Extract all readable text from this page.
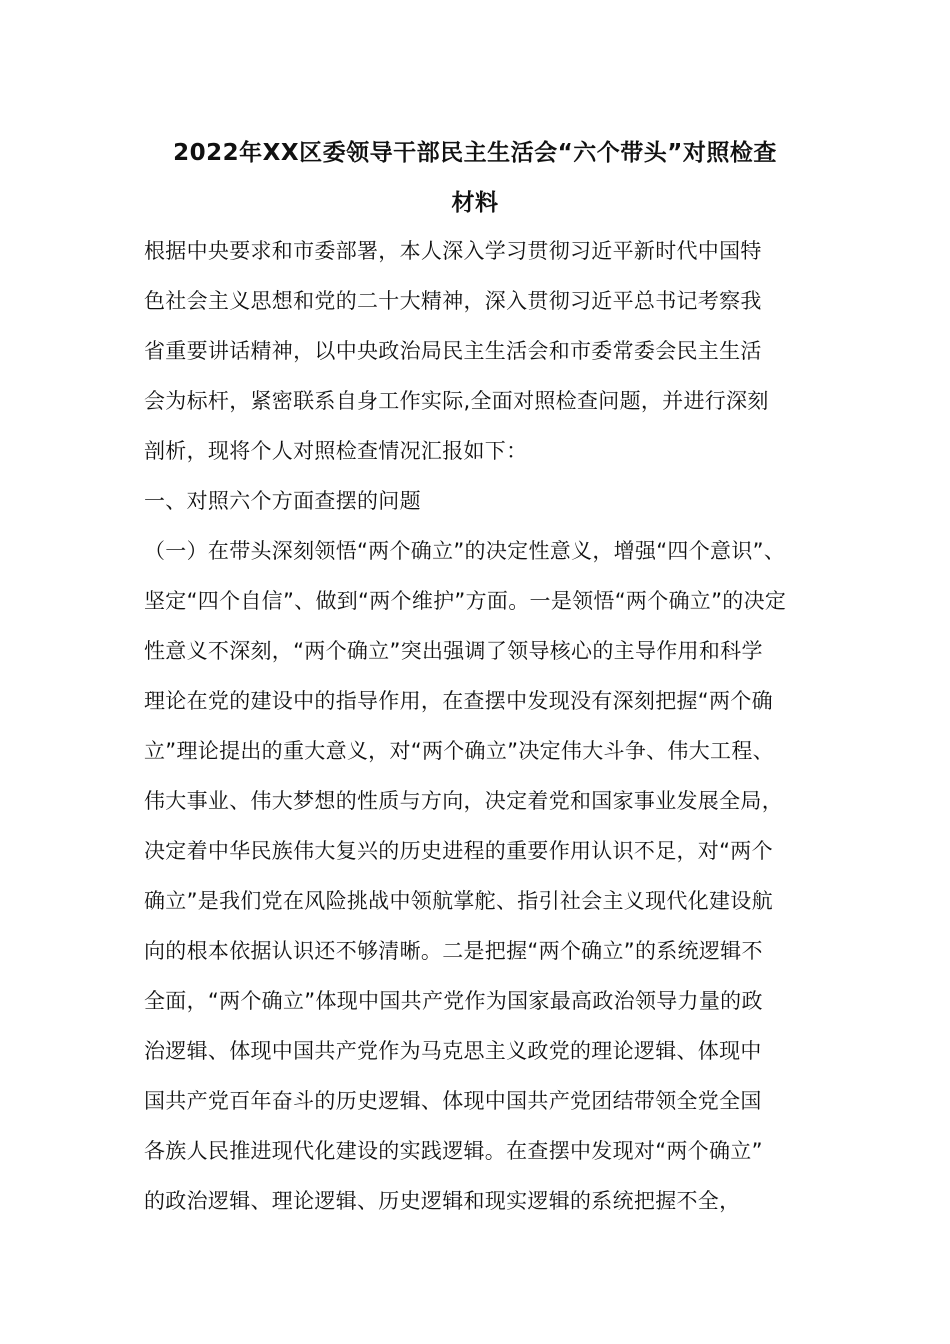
2022年XX区委领导干部民主生活会“六个带头”对照检查
材料
根据中央要求和市委部署，本人深入学习贯彻习近平新时代中国特
色社会主义思想和党的二十大精神，深入贯彻习近平总书记考察我
省重要讲话精神，以中央政治局民主生活会和市委常委会民主生活
会为标杆，紧密联系自身工作实际,全面对照检查问题，并进行深刻
剖析，现将个人对照检查情况汇报如下：
一、对照六个方面查摆的问题
（一）在带头深刻领悟“两个确立”的决定性意义，增强“四个意识”、
坚定“四个自信”、做到“两个维护”方面。一是领悟“两个确立”的决定
性意义不深刻，“两个确立”突出强调了领导核心的主导作用和科学
理论在党的建设中的指导作用，在查摆中发现没有深刻把握“两个确
立”理论提出的重大意义，对“两个确立”决定伟大斗争、伟大工程、
伟大事业、伟大梦想的性质与方向，决定着党和国家事业发展全局，
决定着中华民族伟大复兴的历史进程的重要作用认识不足，对“两个
确立”是我们党在风险挑战中领航掌舵、指引社会主义现代化建设航
向的根本依据认识还不够清晰。二是把握“两个确立”的系统逻辑不
全面，“两个确立”体现中国共产党作为国家最高政治领导力量的政
治逻辑、体现中国共产党作为马克思主义政党的理论逻辑、体现中
国共产党百年奋斗的历史逻辑、体现中国共产党团结带领全党全国
各族人民推进现代化建设的实践逻辑。在查摆中发现对“两个确立”
的政治逻辑、理论逻辑、历史逻辑和现实逻辑的系统把握不全，
